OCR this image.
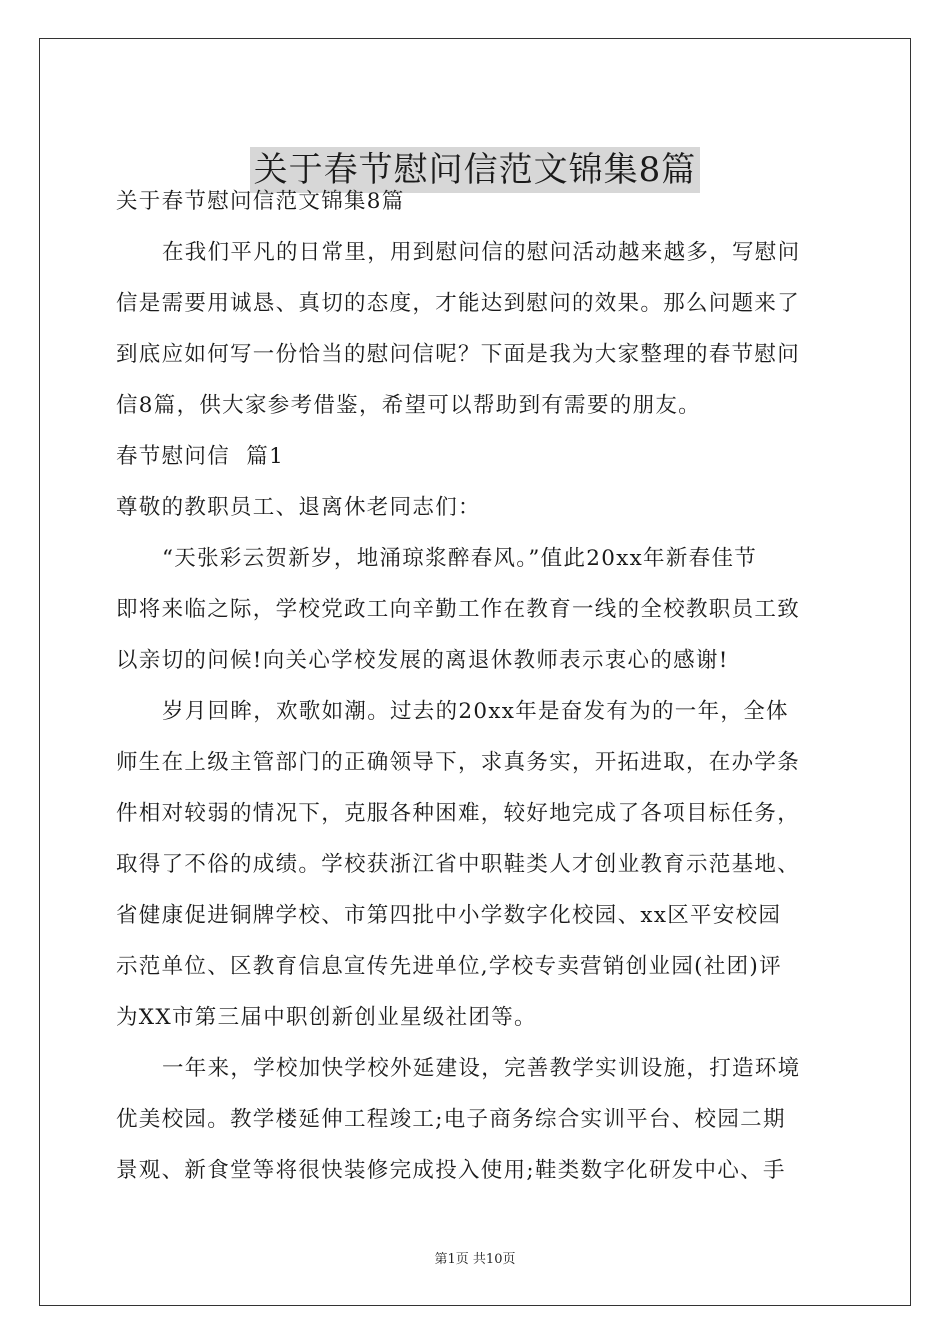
关于春节慰问信范文锦集8篇

关于春节慰问信范文锦集8篇

在我们平凡的日常里，用到慰问信的慰问活动越来越多，写慰问

信是需要用诚恳、真切的态度，才能达到慰问的效果。那么问题来了

到底应如何写一份恰当的慰问信呢？下面是我为大家整理的春节慰问

信8篇，供大家参考借鉴，希望可以帮助到有需要的朋友。

春节慰问信  篇1

尊敬的教职员工、退离休老同志们：

“天张彩云贺新岁，地涌琼浆醉春风。”值此20xx年新春佳节

即将来临之际，学校党政工向辛勤工作在教育一线的全校教职员工致

以亲切的问候!向关心学校发展的离退休教师表示衷心的感谢!

岁月回眸，欢歌如潮。过去的20xx年是奋发有为的一年，全体

师生在上级主管部门的正确领导下，求真务实，开拓进取，在办学条

件相对较弱的情况下，克服各种困难，较好地完成了各项目标任务，

取得了不俗的成绩。学校获浙江省中职鞋类人才创业教育示范基地、

省健康促进铜牌学校、市第四批中小学数字化校园、xx区平安校园

示范单位、区教育信息宣传先进单位,学校专卖营销创业园(社团)评

为XX市第三届中职创新创业星级社团等。

一年来，学校加快学校外延建设，完善教学实训设施，打造环境

优美校园。教学楼延伸工程竣工;电子商务综合实训平台、校园二期

景观、新食堂等将很快装修完成投入使用;鞋类数字化研发中心、手

第1页 共10页
